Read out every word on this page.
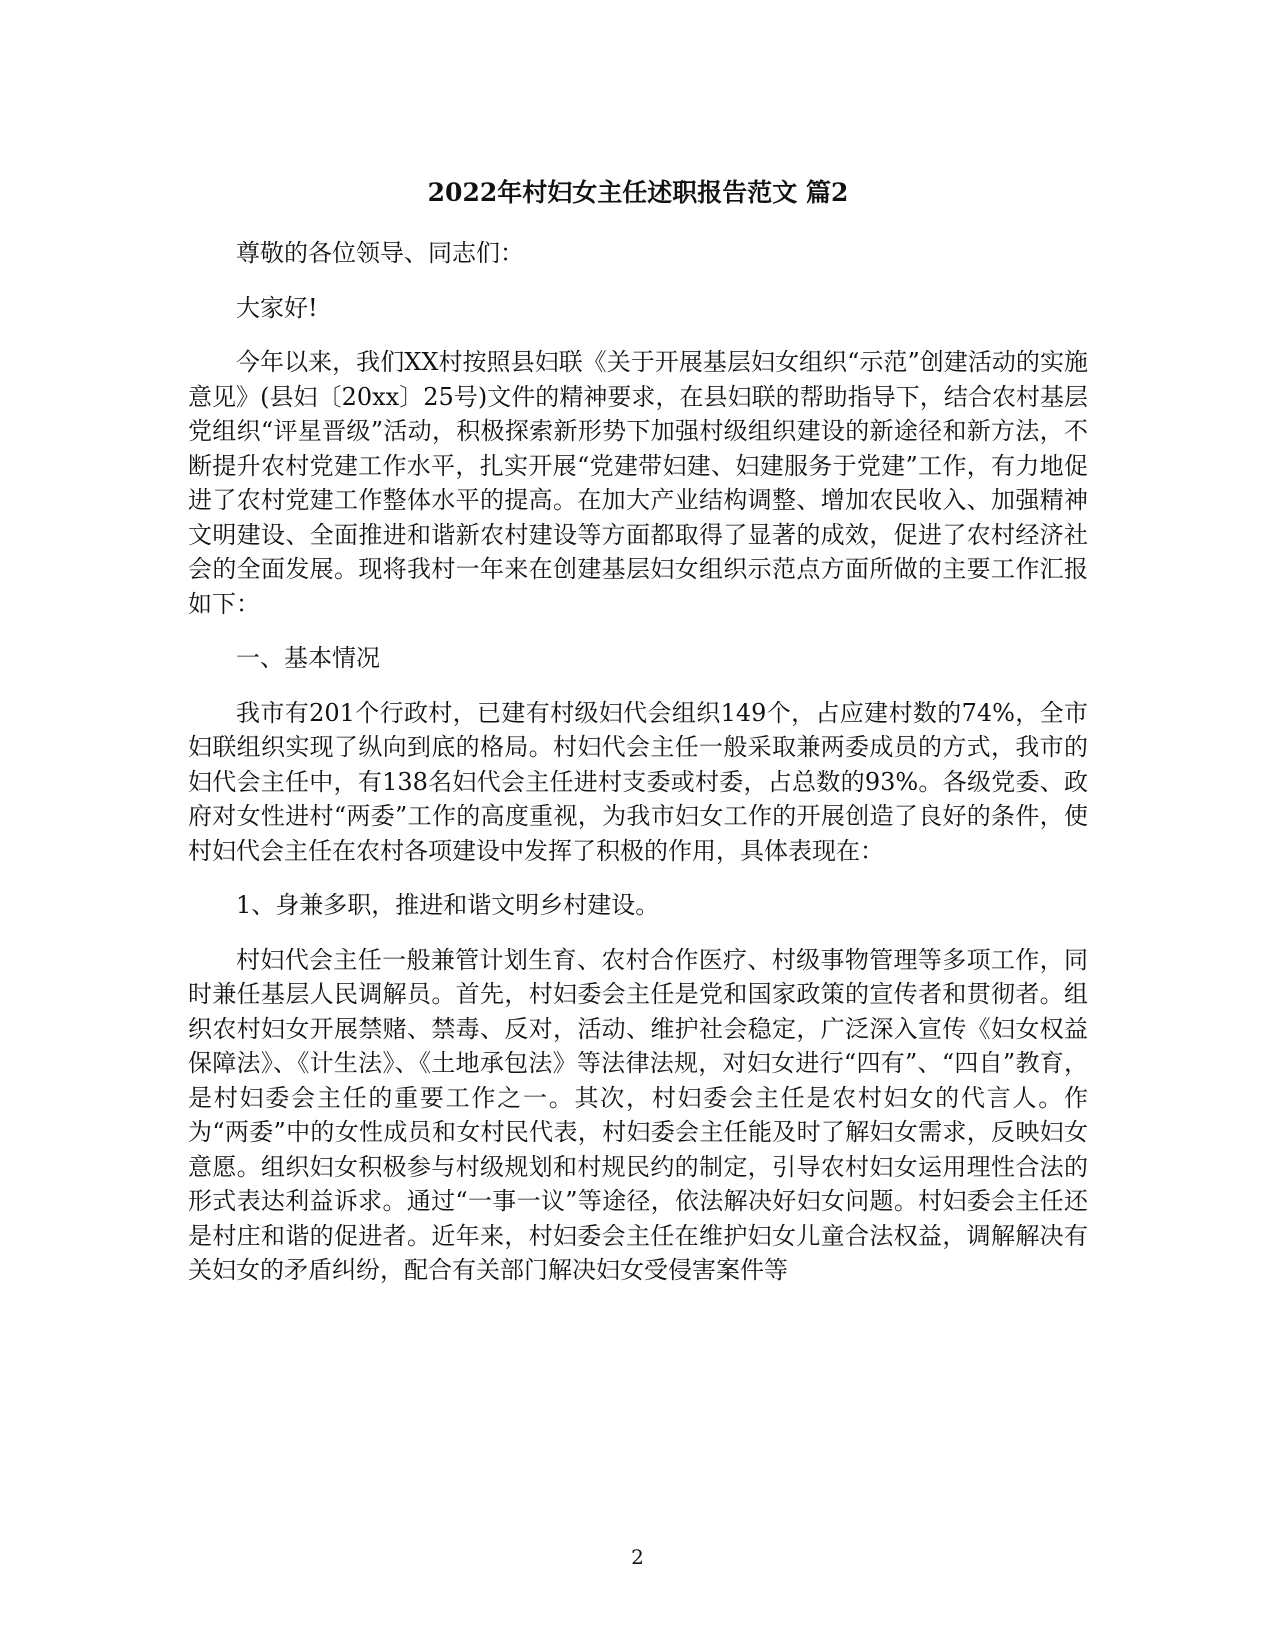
2022年村妇女主任述职报告范文 篇2

尊敬的各位领导、同志们：

大家好!

今年以来，我们XX村按照县妇联《关于开展基层妇女组织“示范”创建活动的实施意见》(县妇〔20xx〕25号)文件的精神要求，在县妇联的帮助指导下，结合农村基层党组织“评星晋级”活动，积极探索新形势下加强村级组织建设的新途径和新方法，不断提升农村党建工作水平，扎实开展“党建带妇建、妇建服务于党建”工作，有力地促进了农村党建工作整体水平的提高。在加大产业结构调整、增加农民收入、加强精神文明建设、全面推进和谐新农村建设等方面都取得了显著的成效，促进了农村经济社会的全面发展。现将我村一年来在创建基层妇女组织示范点方面所做的主要工作汇报如下：

一、基本情况

我市有201个行政村，已建有村级妇代会组织149个，占应建村数的74%，全市妇联组织实现了纵向到底的格局。村妇代会主任一般采取兼两委成员的方式，我市的妇代会主任中，有138名妇代会主任进村支委或村委，占总数的93%。各级党委、政府对女性进村“两委”工作的高度重视，为我市妇女工作的开展创造了良好的条件，使村妇代会主任在农村各项建设中发挥了积极的作用，具体表现在：

1、身兼多职，推进和谐文明乡村建设。

村妇代会主任一般兼管计划生育、农村合作医疗、村级事物管理等多项工作，同时兼任基层人民调解员。首先，村妇委会主任是党和国家政策的宣传者和贯彻者。组织农村妇女开展禁赌、禁毒、反对，活动、维护社会稳定，广泛深入宣传《妇女权益保障法》、《计生法》、《土地承包法》等法律法规，对妇女进行“四有”、“四自”教育，是村妇委会主任的重要工作之一。其次，村妇委会主任是农村妇女的代言人。作为“两委”中的女性成员和女村民代表，村妇委会主任能及时了解妇女需求，反映妇女意愿。组织妇女积极参与村级规划和村规民约的制定，引导农村妇女运用理性合法的形式表达利益诉求。通过“一事一议”等途径，依法解决好妇女问题。村妇委会主任还是村庄和谐的促进者。近年来，村妇委会主任在维护妇女儿童合法权益，调解解决有关妇女的矛盾纠纷，配合有关部门解决妇女受侵害案件等

2
